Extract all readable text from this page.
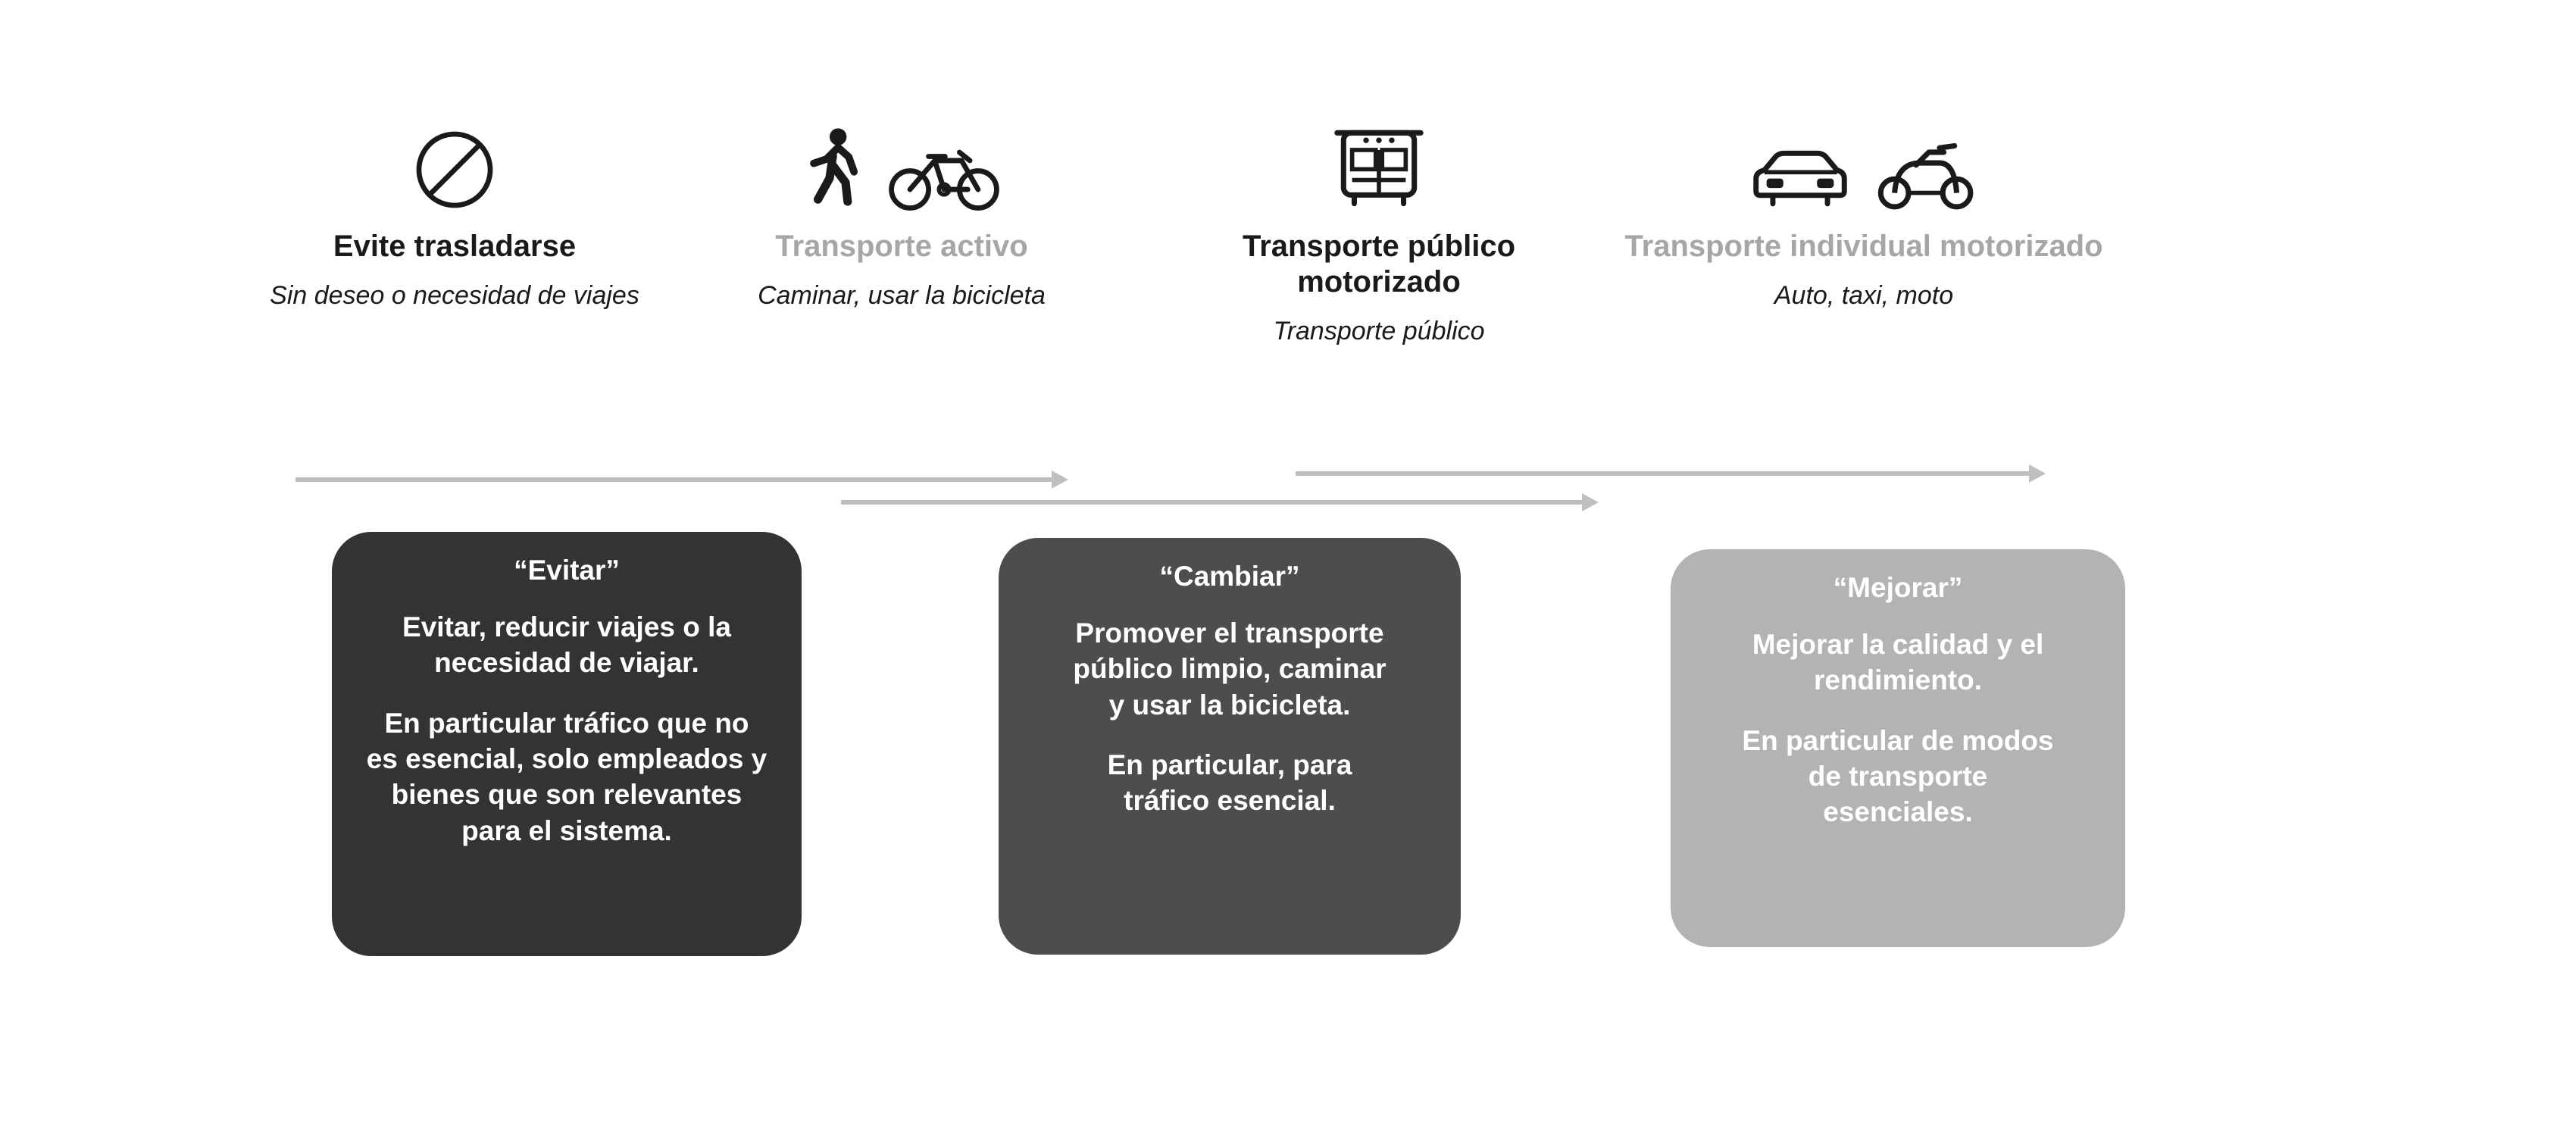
Evite trasladarse
Sin deseo o necesidad de viajes
Transporte activo
Caminar, usar la bicicleta
Transporte público motorizado
Transporte público
Transporte individual motorizado
Auto, taxi, moto
“Evitar”

Evitar, reducir viajes o la necesidad de viajar.

En particular tráfico que no es esencial, solo empleados y bienes que son relevantes para el sistema.

“Cambiar”

Promover el transporte público limpio, caminar y usar la bicicleta.

En particular, para tráfico esencial.

“Mejorar”

Mejorar la calidad y el rendimiento.

En particular de modos de transporte esenciales.
